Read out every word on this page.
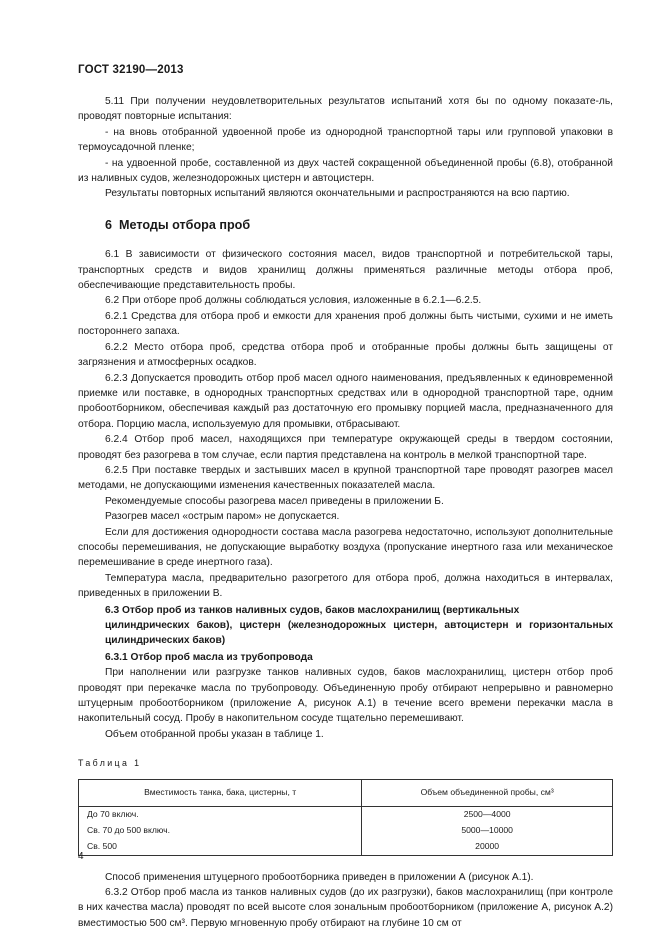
ГОСТ 32190—2013

5.11 При получении неудовлетворительных результатов испытаний хотя бы по одному показате-ль, проводят повторные испытания:

- на вновь отобранной удвоенной пробе из однородной транспортной тары или групповой упаковки в термоусадочной пленке;

- на удвоенной пробе, составленной из двух частей сокращенной объединенной пробы (6.8), отобранной из наливных судов, железнодорожных цистерн и автоцистерн.

Результаты повторных испытаний являются окончательными и распространяются на всю партию.

6 Методы отбора проб

6.1 В зависимости от физического состояния масел, видов транспортной и потребительской тары, транспортных средств и видов хранилищ должны применяться различные методы отбора проб, обеспечивающие представительность пробы.

6.2 При отборе проб должны соблюдаться условия, изложенные в 6.2.1—6.2.5.

6.2.1 Средства для отбора проб и емкости для хранения проб должны быть чистыми, сухими и не иметь постороннего запаха.

6.2.2 Место отбора проб, средства отбора проб и отобранные пробы должны быть защищены от загрязнения и атмосферных осадков.

6.2.3 Допускается проводить отбор проб масел одного наименования, предъявленных к единовременной приемке или поставке, в однородных транспортных средствах или в однородной транспортной таре, одним пробоотборником, обеспечивая каждый раз достаточную его промывку порцией масла, предназначенного для отбора. Порцию масла, используемую для промывки, отбрасывают.

6.2.4 Отбор проб масел, находящихся при температуре окружающей среды в твердом состоянии, проводят без разогрева в том случае, если партия представлена на контроль в мелкой транспортной таре.

6.2.5 При поставке твердых и застывших масел в крупной транспортной таре проводят разогрев масел методами, не допускающими изменения качественных показателей масла.

Рекомендуемые способы разогрева масел приведены в приложении Б.

Разогрев масел «острым паром» не допускается.

Если для достижения однородности состава масла разогрева недостаточно, используют дополнительные способы перемешивания, не допускающие выработку воздуха (пропускание инертного газа или механическое перемешивание в среде инертного газа).

Температура масла, предварительно разогретого для отбора проб, должна находиться в интервалах, приведенных в приложении В.

6.3 Отбор проб из танков наливных судов, баков маслохранилищ (вертикальных
цилиндрических баков), цистерн (железнодорожных цистерн, автоцистерн и горизонтальных цилиндрических баков)
6.3.1 Отбор проб масла из трубопровода

При наполнении или разгрузке танков наливных судов, баков маслохранилищ, цистерн отбор проб проводят при перекачке масла по трубопроводу. Объединенную пробу отбирают непрерывно и равномерно штуцерным пробоотборником (приложение А, рисунок А.1) в течение всего времени перекачки масла в накопительный сосуд. Пробу в накопительном сосуде тщательно перемешивают.

Объем отобранной пробы указан в таблице 1.

Таблица 1
Вместимость танка, бака, цистерны, т	Объем объединенной пробы, см³
До 70 включ.	2500—4000
Св. 70 до 500 включ.	5000—10000
Св. 500	20000

Способ применения штуцерного пробоотборника приведен в приложении А (рисунок А.1).

6.3.2 Отбор проб масла из танков наливных судов (до их разгрузки), баков маслохранилищ (при контроле в них качества масла) проводят по всей высоте слоя зональным пробоотборником (приложение А, рисунок А.2) вместимостью 500 см³. Первую мгновенную пробу отбирают на глубине 10 см от

4
